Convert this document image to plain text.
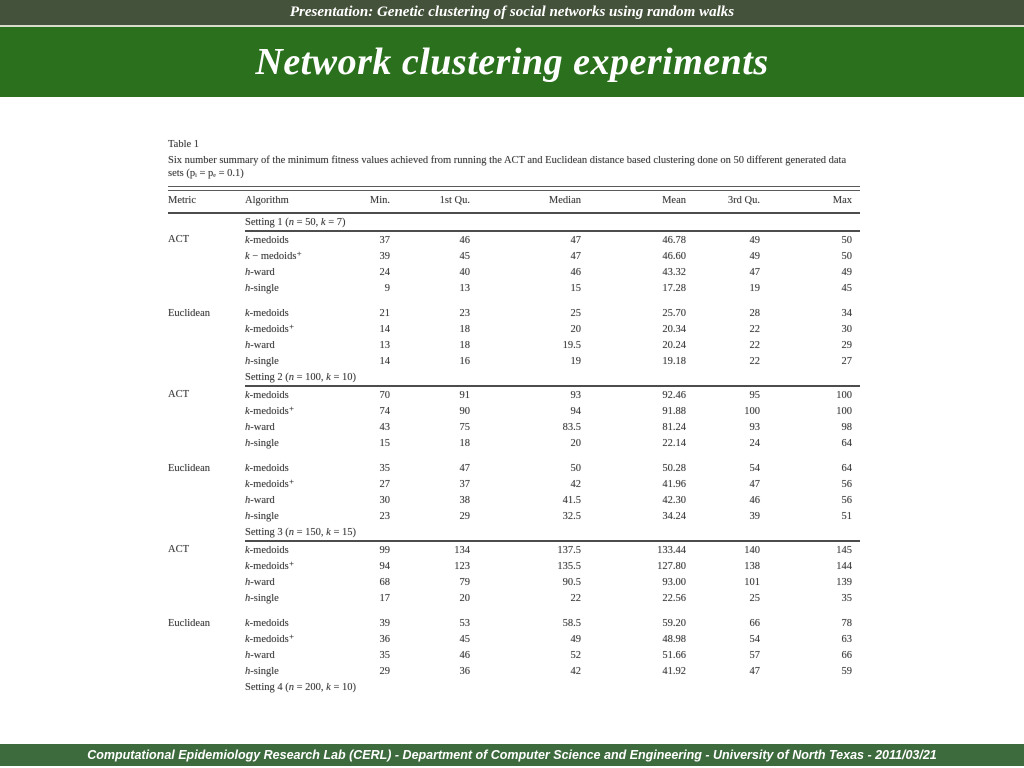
Presentation: Genetic clustering of social networks using random walks
Network clustering experiments
Table 1
Six number summary of the minimum fitness values achieved from running the ACT and Euclidean distance based clustering done on 50 different generated data sets (pᵢ = pₑ = 0.1)
Metric	Algorithm	Min.	1st Qu.	Median	Mean	3rd Qu.	Max
	Setting 1 (n = 50, k = 7)						
ACT	k-medoids	37	46	47	46.78	49	50
	k − medoids⁺	39	45	47	46.60	49	50
	h-ward	24	40	46	43.32	47	49
	h-single	9	13	15	17.28	19	45

Euclidean	k-medoids	21	23	25	25.70	28	34
	k-medoids⁺	14	18	20	20.34	22	30
	h-ward	13	18	19.5	20.24	22	29
	h-single	14	16	19	19.18	22	27
	Setting 2 (n = 100, k = 10)						
ACT	k-medoids	70	91	93	92.46	95	100
	k-medoids⁺	74	90	94	91.88	100	100
	h-ward	43	75	83.5	81.24	93	98
	h-single	15	18	20	22.14	24	64

Euclidean	k-medoids	35	47	50	50.28	54	64
	k-medoids⁺	27	37	42	41.96	47	56
	h-ward	30	38	41.5	42.30	46	56
	h-single	23	29	32.5	34.24	39	51
	Setting 3 (n = 150, k = 15)						
ACT	k-medoids	99	134	137.5	133.44	140	145
	k-medoids⁺	94	123	135.5	127.80	138	144
	h-ward	68	79	90.5	93.00	101	139
	h-single	17	20	22	22.56	25	35

Euclidean	k-medoids	39	53	58.5	59.20	66	78
	k-medoids⁺	36	45	49	48.98	54	63
	h-ward	35	46	52	51.66	57	66
	h-single	29	36	42	41.92	47	59
	Setting 4 (n = 200, k = 10)						
Computational Epidemiology Research Lab (CERL) - Department of Computer Science and Engineering - University of North Texas - 2011/03/21
